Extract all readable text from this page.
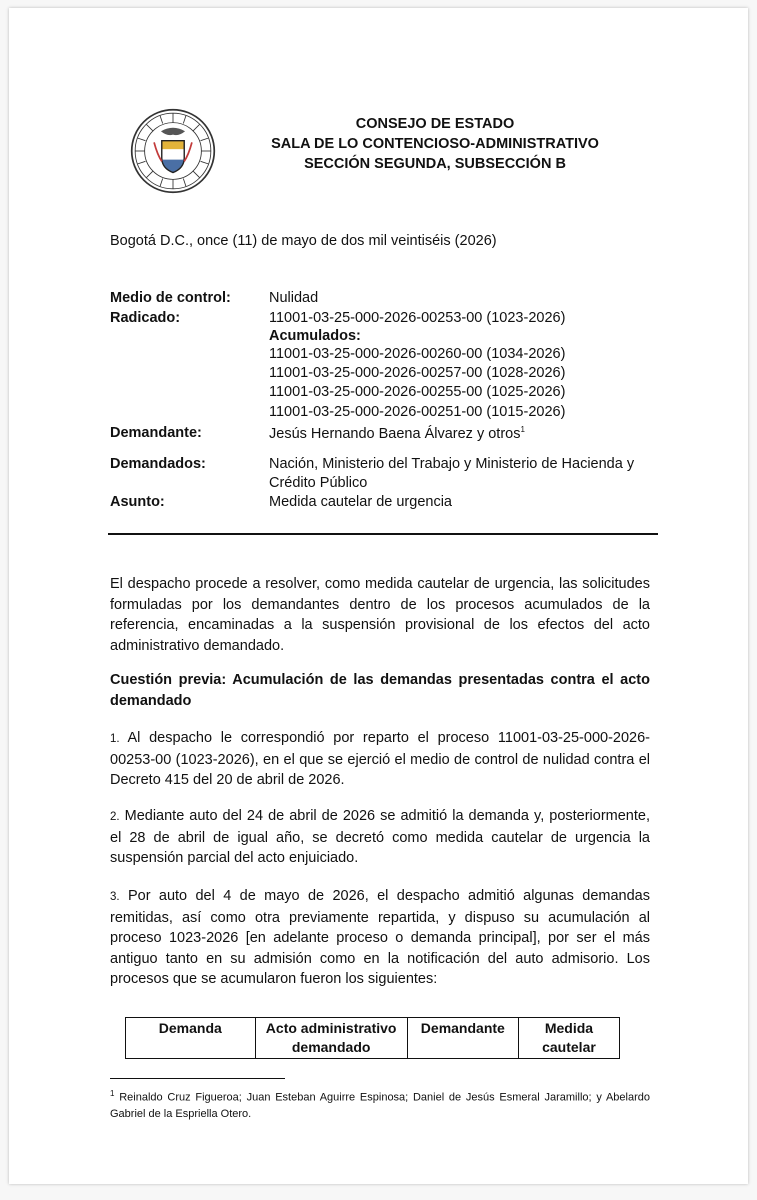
CONSEJO DE ESTADO
SALA DE LO CONTENCIOSO-ADMINISTRATIVO
SECCIÓN SEGUNDA, SUBSECCIÓN B
Bogotá D.C., once (11) de mayo de dos mil veintiséis (2026)
Medio de control:	Nulidad
Radicado:	11001-03-25-000-2026-00253-00 (1023-2026)
Acumulados:
11001-03-25-000-2026-00260-00 (1034-2026)
11001-03-25-000-2026-00257-00 (1028-2026)
11001-03-25-000-2026-00255-00 (1025-2026)
11001-03-25-000-2026-00251-00 (1015-2026)
Demandante:	Jesús Hernando Baena Álvarez y otros$^1$
Demandados:	Nación, Ministerio del Trabajo y Ministerio de Hacienda y
Crédito Público
Asunto:	Medida cautelar de urgencia
El despacho procede a resolver, como medida cautelar de urgencia, las solicitudes formuladas por los demandantes dentro de los procesos acumulados de la referencia, encaminadas a la suspensión provisional de los efectos del acto administrativo demandado.
Cuestión previa: Acumulación de las demandas presentadas contra el acto demandado
1. Al despacho le correspondió por reparto el proceso 11001-03-25-000-2026-00253-00 (1023-2026), en el que se ejerció el medio de control de nulidad contra el Decreto 415 del 20 de abril de 2026.
2. Mediante auto del 24 de abril de 2026 se admitió la demanda y, posteriormente, el 28 de abril de igual año, se decretó como medida cautelar de urgencia la suspensión parcial del acto enjuiciado.
3. Por auto del 4 de mayo de 2026, el despacho admitió algunas demandas remitidas, así como otra previamente repartida, y dispuso su acumulación al proceso 1023-2026 [en adelante proceso o demanda principal], por ser el más antiguo tanto en su admisión como en la notificación del auto admisorio. Los procesos que se acumularon fueron los siguientes:
Demanda	Acto administrativo demandado	Demandante	Medida cautelar
$^1$ Reinaldo Cruz Figueroa; Juan Esteban Aguirre Espinosa; Daniel de Jesús Esmeral Jaramillo; y Abelardo Gabriel de la Espriella Otero.
